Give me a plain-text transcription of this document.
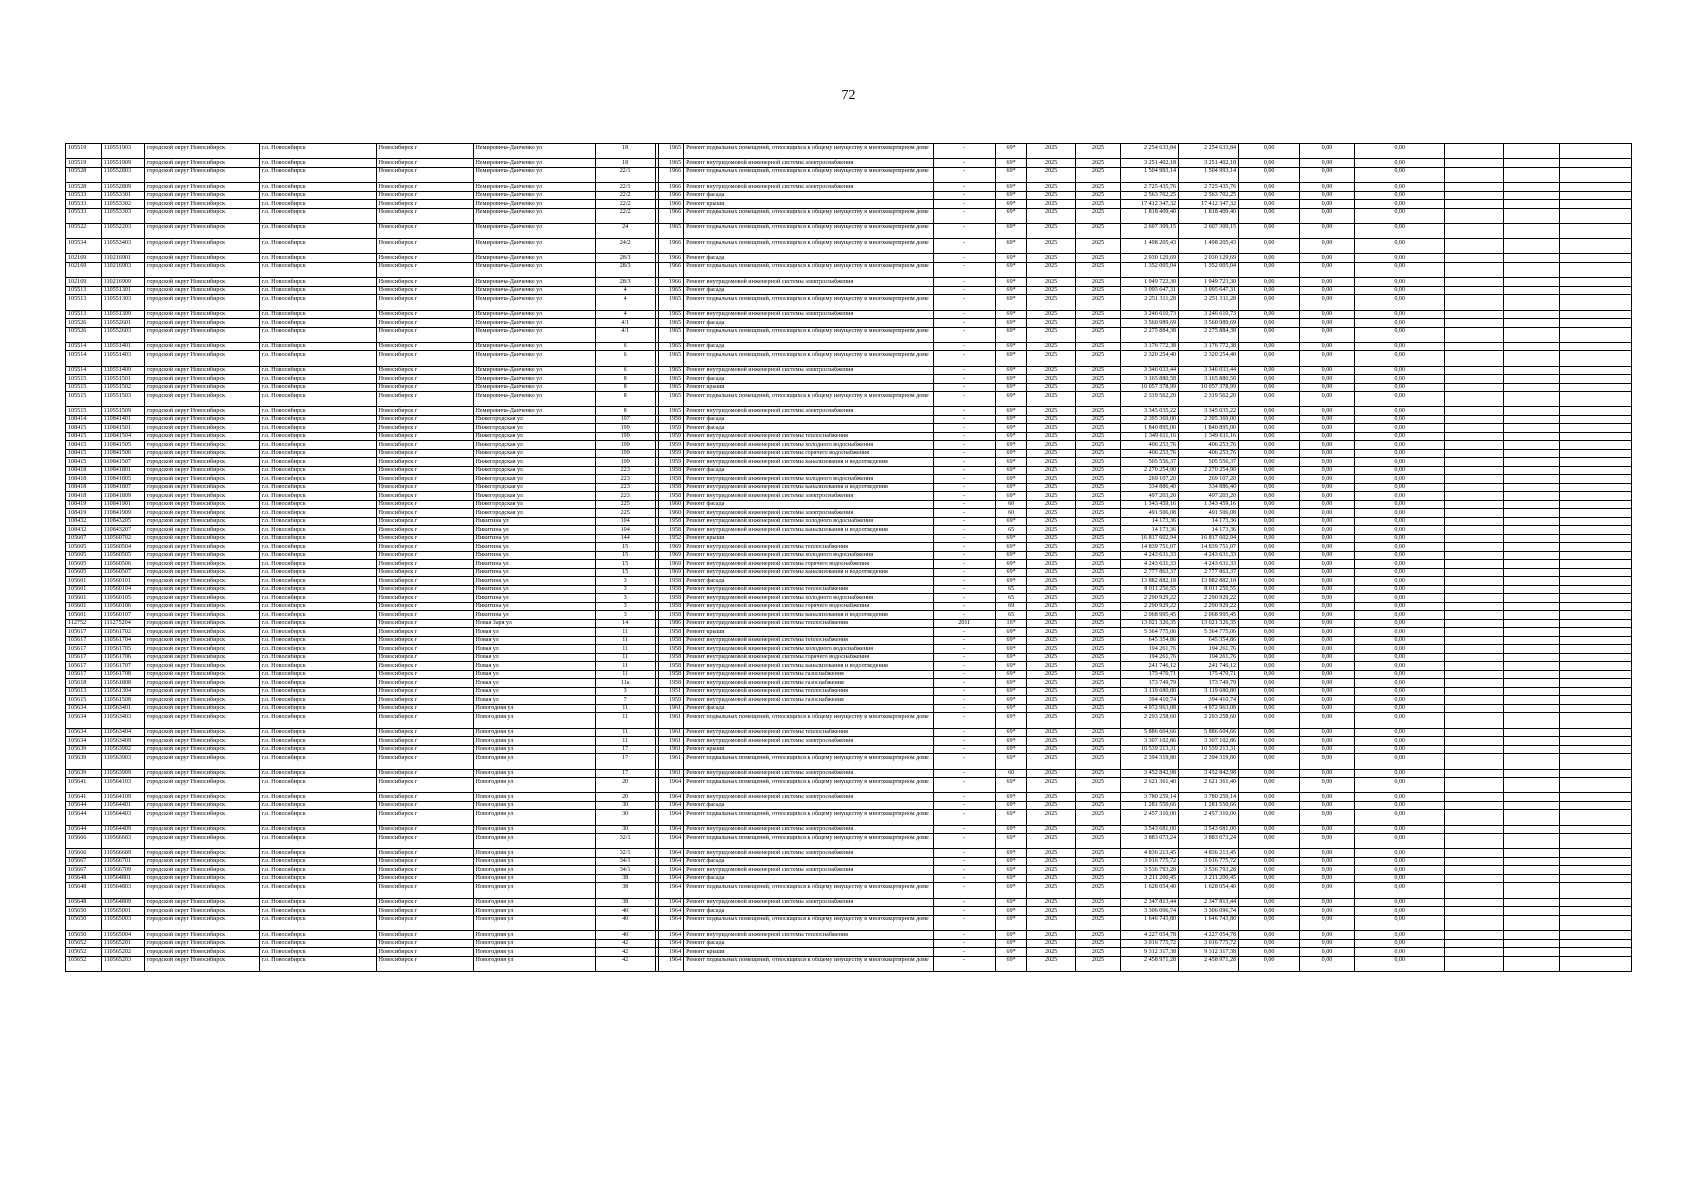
72
105519	110551903	городской округ Новосибирск	г.о. Новосибирск	Новосибирск г	Немировича-Данченко ул	18		1965	Ремонт подвальных помещений, относящихся к общему имуществу в многоквартирном доме	-	69*	2025	2025	2 254 633,84	2 254 633,84	0,00	0,00	0,00			
105519	110551909	городской округ Новосибирск	г.о. Новосибирск	Новосибирск г	Немировича-Данченко ул	18		1965	Ремонт внутридомовой инженерной системы электроснабжения	-	69*	2025	2025	3 251 402,18	3 251 402,18	0,00	0,00	0,00			
105528	110552803	городской округ Новосибирск	г.о. Новосибирск	Новосибирск г	Немировича-Данченко ул	22/1		1966	Ремонт подвальных помещений, относящихся к общему имуществу в многоквартирном доме	-	69*	2025	2025	1 504 993,14	1 504 993,14	0,00	0,00	0,00			
105528	110552809	городской округ Новосибирск	г.о. Новосибирск	Новосибирск г	Немировича-Данченко ул	22/1		1966	Ремонт внутридомовой инженерной системы электроснабжения	-	69*	2025	2025	2 725 435,76	2 725 435,76	0,00	0,00	0,00			
105533	110553301	городской округ Новосибирск	г.о. Новосибирск	Новосибирск г	Немировича-Данченко ул	22/2		1966	Ремонт фасада	-	69*	2025	2025	2 563 702,25	2 563 702,25	0,00	0,00	0,00			
105533	110553302	городской округ Новосибирск	г.о. Новосибирск	Новосибирск г	Немировича-Данченко ул	22/2		1966	Ремонт крыши	-	69*	2025	2025	17 412 347,32	17 412 347,32	0,00	0,00	0,00			
105533	110553303	городской округ Новосибирск	г.о. Новосибирск	Новосибирск г	Немировича-Данченко ул	22/2		1966	Ремонт подвальных помещений, относящихся к общему имуществу в многоквартирном доме	-	69*	2025	2025	1 818 409,40	1 818 409,40	0,00	0,00	0,00			
105522	110552203	городской округ Новосибирск	г.о. Новосибирск	Новосибирск г	Немировича-Данченко ул	24		1965	Ремонт подвальных помещений, относящихся к общему имуществу в многоквартирном доме	-	69*	2025	2025	2 607 309,15	2 607 309,15	0,00	0,00	0,00			
105534	110553403	городской округ Новосибирск	г.о. Новосибирск	Новосибирск г	Немировича-Данченко ул	24/2		1966	Ремонт подвальных помещений, относящихся к общему имуществу в многоквартирном доме	-	69*	2025	2025	1 498 205,43	1 498 205,43	0,00	0,00	0,00			
102169	110216901	городской округ Новосибирск	г.о. Новосибирск	Новосибирск г	Немировича-Данченко ул	28/3		1966	Ремонт фасада	-	69*	2025	2025	2 030 129,69	2 030 129,69	0,00	0,00	0,00			
102169	110216903	городской округ Новосибирск	г.о. Новосибирск	Новосибирск г	Немировича-Данченко ул	28/3		1966	Ремонт подвальных помещений, относящихся к общему имуществу в многоквартирном доме	-	69*	2025	2025	1 352 005,04	1 352 005,04	0,00	0,00	0,00			
102169	110216909	городской округ Новосибирск	г.о. Новосибирск	Новосибирск г	Немировича-Данченко ул	28/3		1966	Ремонт внутридомовой инженерной системы электроснабжения	-	69*	2025	2025	1 949 723,30	1 949 723,30	0,00	0,00	0,00			
105513	110551301	городской округ Новосибирск	г.о. Новосибирск	Новосибирск г	Немировича-Данченко ул	4		1965	Ремонт фасада	-	69*	2025	2025	3 095 647,31	3 095 647,31	0,00	0,00	0,00			
105513	110551303	городской округ Новосибирск	г.о. Новосибирск	Новосибирск г	Немировича-Данченко ул	4		1965	Ремонт подвальных помещений, относящихся к общему имуществу в многоквартирном доме	-	69*	2025	2025	2 251 311,28	2 251 311,28	0,00	0,00	0,00			
105513	110551309	городской округ Новосибирск	г.о. Новосибирск	Новосибирск г	Немировича-Данченко ул	4		1965	Ремонт внутридомовой инженерной системы электроснабжения	-	69*	2025	2025	3 246 610,73	3 246 610,73	0,00	0,00	0,00			
105526	110552601	городской округ Новосибирск	г.о. Новосибирск	Новосибирск г	Немировича-Данченко ул	4/1		1965	Ремонт фасада	-	69*	2025	2025	3 560 989,69	3 560 989,69	0,00	0,00	0,00			
105526	110552603	городской округ Новосибирск	г.о. Новосибирск	Новосибирск г	Немировича-Данченко ул	4/1		1965	Ремонт подвальных помещений, относящихся к общему имуществу в многоквартирном доме	-	69*	2025	2025	2 275 884,38	2 275 884,38	0,00	0,00	0,00			
105514	110551401	городской округ Новосибирск	г.о. Новосибирск	Новосибирск г	Немировича-Данченко ул	6		1965	Ремонт фасада	-	69*	2025	2025	3 176 772,38	3 176 772,38	0,00	0,00	0,00			
105514	110551403	городской округ Новосибирск	г.о. Новосибирск	Новосибирск г	Немировича-Данченко ул	6		1965	Ремонт подвальных помещений, относящихся к общему имуществу в многоквартирном доме	-	69*	2025	2025	2 320 254,40	2 320 254,40	0,00	0,00	0,00			
105514	110551409	городской округ Новосибирск	г.о. Новосибирск	Новосибирск г	Немировича-Данченко ул	6		1965	Ремонт внутридомовой инженерной системы электроснабжения	-	69*	2025	2025	3 346 033,44	3 346 033,44	0,00	0,00	0,00			
105515	110551501	городской округ Новосибирск	г.о. Новосибирск	Новосибирск г	Немировича-Данченко ул	8		1965	Ремонт фасада	-	69*	2025	2025	3 165 880,58	3 165 880,58	0,00	0,00	0,00			
105515	110551502	городской округ Новосибирск	г.о. Новосибирск	Новосибирск г	Немировича-Данченко ул	8		1965	Ремонт крыши	-	69*	2025	2025	10 057 378,99	10 057 378,99	0,00	0,00	0,00			
105515	110551503	городской округ Новосибирск	г.о. Новосибирск	Новосибирск г	Немировича-Данченко ул	8		1965	Ремонт подвальных помещений, относящихся к общему имуществу в многоквартирном доме	-	69*	2025	2025	2 319 562,20	2 319 562,20	0,00	0,00	0,00			
105515	110551509	городской округ Новосибирск	г.о. Новосибирск	Новосибирск г	Немировича-Данченко ул	8		1965	Ремонт внутридомовой инженерной системы электроснабжения	-	69*	2025	2025	3 345 035,22	3 345 035,22	0,00	0,00	0,00			
108414	110841401	городской округ Новосибирск	г.о. Новосибирск	Новосибирск г	Нижегородская ул	197		1958	Ремонт фасада	-	69*	2025	2025	2 395 369,00	2 395 369,00	0,00	0,00	0,00			
108415	110841501	городской округ Новосибирск	г.о. Новосибирск	Новосибирск г	Нижегородская ул	199		1959	Ремонт фасада	-	69*	2025	2025	1 840 895,00	1 840 895,00	0,00	0,00	0,00			
108415	110841504	городской округ Новосибирск	г.о. Новосибирск	Новосибирск г	Нижегородская ул	199		1959	Ремонт внутридомовой инженерной системы теплоснабжения	-	69*	2025	2025	1 349 611,16	1 349 611,16	0,00	0,00	0,00			
108415	110841505	городской округ Новосибирск	г.о. Новосибирск	Новосибирск г	Нижегородская ул	199		1959	Ремонт внутридомовой инженерной системы холодного водоснабжения	-	69*	2025	2025	406 253,76	406 253,76	0,00	0,00	0,00			
108415	110841506	городской округ Новосибирск	г.о. Новосибирск	Новосибирск г	Нижегородская ул	199		1959	Ремонт внутридомовой инженерной системы горячего водоснабжения	-	69*	2025	2025	406 253,76	406 253,76	0,00	0,00	0,00			
108415	110841507	городской округ Новосибирск	г.о. Новосибирск	Новосибирск г	Нижегородская ул	199		1959	Ремонт внутридомовой инженерной системы канализования и водоотведения	-	69*	2025	2025	505 556,37	505 556,37	0,00	0,00	0,00			
108418	110841801	городской округ Новосибирск	г.о. Новосибирск	Новосибирск г	Нижегородская ул	223		1958	Ремонт фасада	-	69*	2025	2025	2 270 254,90	2 270 254,90	0,00	0,00	0,00			
108418	110841805	городской округ Новосибирск	г.о. Новосибирск	Новосибирск г	Нижегородская ул	223		1958	Ремонт внутридомовой инженерной системы холодного водоснабжения	-	69*	2025	2025	269 107,20	269 107,20	0,00	0,00	0,00			
108418	110841807	городской округ Новосибирск	г.о. Новосибирск	Новосибирск г	Нижегородская ул	223		1958	Ремонт внутридомовой инженерной системы канализования и водоотведения	-	69*	2025	2025	334 886,40	334 886,40	0,00	0,00	0,00			
108418	110841809	городской округ Новосибирск	г.о. Новосибирск	Новосибирск г	Нижегородская ул	223		1958	Ремонт внутридомовой инженерной системы электроснабжения	-	69*	2025	2025	497 203,20	497 203,20	0,00	0,00	0,00			
108419	110841901	городской округ Новосибирск	г.о. Новосибирск	Новосибирск г	Нижегородская ул	225		1960	Ремонт фасада	-	60	2025	2025	1 343 459,16	1 343 459,16	0,00	0,00	0,00			
108419	110841909	городской округ Новосибирск	г.о. Новосибирск	Новосибирск г	Нижегородская ул	225		1960	Ремонт внутридомовой инженерной системы электроснабжения	-	60	2025	2025	491 506,08	491 506,08	0,00	0,00	0,00			
108432	110843205	городской округ Новосибирск	г.о. Новосибирск	Новосибирск г	Никитина ул	104		1958	Ремонт внутридомовой инженерной системы холодного водоснабжения	-	69*	2025	2025	14 173,36	14 173,36	0,00	0,00	0,00			
108432	110843207	городской округ Новосибирск	г.о. Новосибирск	Новосибирск г	Никитина ул	104		1958	Ремонт внутридомовой инженерной системы канализования и водоотведения	-	65	2025	2025	14 173,36	14 173,36	0,00	0,00	0,00			
105607	110560702	городской округ Новосибирск	г.о. Новосибирск	Новосибирск г	Никитина ул	144		1952	Ремонт крыши	-	69*	2025	2025	16 817 602,94	16 817 602,94	0,00	0,00	0,00			
105605	110560504	городской округ Новосибирск	г.о. Новосибирск	Новосибирск г	Никитина ул	15		1969	Ремонт внутридомовой инженерной системы теплоснабжения	-	69*	2025	2025	14 839 751,07	14 839 751,07	0,00	0,00	0,00			
105605	110560505	городской округ Новосибирск	г.о. Новосибирск	Новосибирск г	Никитина ул	15		1969	Ремонт внутридомовой инженерной системы холодного водоснабжения	-	69*	2025	2025	4 243 631,33	4 243 631,33	0,00	0,00	0,00			
105605	110560506	городской округ Новосибирск	г.о. Новосибирск	Новосибирск г	Никитина ул	15		1969	Ремонт внутридомовой инженерной системы горячего водоснабжения	-	69*	2025	2025	4 243 631,33	4 243 631,33	0,00	0,00	0,00			
105605	110560507	городской округ Новосибирск	г.о. Новосибирск	Новосибирск г	Никитина ул	15		1969	Ремонт внутридомовой инженерной системы канализования и водоотведения	-	69*	2025	2025	2 777 863,37	2 777 863,37	0,00	0,00	0,00			
105601	110560101	городской округ Новосибирск	г.о. Новосибирск	Новосибирск г	Никитина ул	3		1958	Ремонт фасада	-	69*	2025	2025	13 882 882,18	13 882 882,18	0,00	0,00	0,00			
105601	110560104	городской округ Новосибирск	г.о. Новосибирск	Новосибирск г	Никитина ул	3		1958	Ремонт внутридомовой инженерной системы теплоснабжения	-	65	2025	2025	8 011 256,55	8 011 256,55	0,00	0,00	0,00			
105601	110560105	городской округ Новосибирск	г.о. Новосибирск	Новосибирск г	Никитина ул	3		1958	Ремонт внутридомовой инженерной системы холодного водоснабжения	-	65	2025	2025	2 290 929,22	2 290 929,22	0,00	0,00	0,00			
105601	110560106	городской округ Новосибирск	г.о. Новосибирск	Новосибирск г	Никитина ул	3		1958	Ремонт внутридомовой инженерной системы горячего водоснабжения	-	69	2025	2025	2 290 929,22	2 290 929,22	0,00	0,00	0,00			
105601	110560107	городской округ Новосибирск	г.о. Новосибирск	Новосибирск г	Никитина ул	3		1958	Ремонт внутридомовой инженерной системы канализования и водоотведения	-	65	2025	2025	2 068 995,45	2 068 995,45	0,00	0,00	0,00			
112752	111275204	городской округ Новосибирск	г.о. Новосибирск	Новосибирск г	Новая Заря ул	14		1986	Ремонт внутридомовой инженерной системы теплоснабжения	2011	16*	2025	2025	13 021 326,35	13 021 326,35	0,00	0,00	0,00			
105617	110561702	городской округ Новосибирск	г.о. Новосибирск	Новосибирск г	Новая ул	11		1958	Ремонт крыши	-	69*	2025	2025	5 364 775,06	5 364 775,06	0,00	0,00	0,00			
105617	110561704	городской округ Новосибирск	г.о. Новосибирск	Новосибирск г	Новая ул	11		1958	Ремонт внутридомовой инженерной системы теплоснабжения	-	69*	2025	2025	645 354,86	645 354,86	0,00	0,00	0,00			
105617	110561705	городской округ Новосибирск	г.о. Новосибирск	Новосибирск г	Новая ул	11		1958	Ремонт внутридомовой инженерной системы холодного водоснабжения	-	69*	2025	2025	194 261,76	194 261,76	0,00	0,00	0,00			
105617	110561706	городской округ Новосибирск	г.о. Новосибирск	Новосибирск г	Новая ул	11		1958	Ремонт внутридомовой инженерной системы горячего водоснабжения	-	69*	2025	2025	194 261,76	194 261,76	0,00	0,00	0,00			
105617	110561707	городской округ Новосибирск	г.о. Новосибирск	Новосибирск г	Новая ул	11		1958	Ремонт внутридомовой инженерной системы канализования и водоотведения	-	69*	2025	2025	241 746,12	241 746,12	0,00	0,00	0,00			
105617	110561708	городской округ Новосибирск	г.о. Новосибирск	Новосибирск г	Новая ул	11		1958	Ремонт внутридомовой инженерной системы газоснабжения	-	69*	2025	2025	175 470,71	175 470,71	0,00	0,00	0,00			
105618	110561808	городской округ Новосибирск	г.о. Новосибирск	Новосибирск г	Новая ул	11а		1958	Ремонт внутридомовой инженерной системы газоснабжения	-	69*	2025	2025	173 749,79	173 749,79	0,00	0,00	0,00			
105613	110561304	городской округ Новосибирск	г.о. Новосибирск	Новосибирск г	Новая ул	3		1951	Ремонт внутридомовой инженерной системы теплоснабжения	-	69*	2025	2025	3 119 680,80	3 119 680,80	0,00	0,00	0,00			
105615	110561508	городской округ Новосибирск	г.о. Новосибирск	Новосибирск г	Новая ул	7		1959	Ремонт внутридомовой инженерной системы газоснабжения	-	69*	2025	2025	394 410,74	394 410,74	0,00	0,00	0,00			
105634	110563401	городской округ Новосибирск	г.о. Новосибирск	Новосибирск г	Новогодняя ул	11		1961	Ремонт фасада	-	69*	2025	2025	4 972 963,08	4 972 963,08	0,00	0,00	0,00			
105634	110563403	городской округ Новосибирск	г.о. Новосибирск	Новосибирск г	Новогодняя ул	11		1961	Ремонт подвальных помещений, относящихся к общему имуществу в многоквартирном доме	-	69*	2025	2025	2 293 258,60	2 293 258,60	0,00	0,00	0,00			
105634	110563404	городской округ Новосибирск	г.о. Новосибирск	Новосибирск г	Новогодняя ул	11		1961	Ремонт внутридомовой инженерной системы теплоснабжения	-	69*	2025	2025	5 886 604,66	5 886 604,66	0,00	0,00	0,00			
105634	110563409	городской округ Новосибирск	г.о. Новосибирск	Новосибирск г	Новогодняя ул	11		1961	Ремонт внутридомовой инженерной системы электроснабжения	-	69*	2025	2025	3 307 102,86	3 307 102,86	0,00	0,00	0,00			
105639	110563902	городской округ Новосибирск	г.о. Новосибирск	Новосибирск г	Новогодняя ул	17		1961	Ремонт крыши	-	69*	2025	2025	10 539 213,31	10 539 213,31	0,00	0,00	0,00			
105639	110563903	городской округ Новосибирск	г.о. Новосибирск	Новосибирск г	Новогодняя ул	17		1961	Ремонт подвальных помещений, относящихся к общему имуществу в многоквартирном доме	-	69*	2025	2025	2 394 319,80	2 394 319,80	0,00	0,00	0,00			
105639	110563909	городской округ Новосибирск	г.о. Новосибирск	Новосибирск г	Новогодняя ул	17		1961	Ремонт внутридомовой инженерной системы электроснабжения	-	60	2025	2025	3 452 842,98	3 452 842,98	0,00	0,00	0,00			
105641	110564103	городской округ Новосибирск	г.о. Новосибирск	Новосибирск г	Новогодняя ул	20		1964	Ремонт подвальных помещений, относящихся к общему имуществу в многоквартирном доме	-	69*	2025	2025	2 621 361,40	2 621 361,40	0,00	0,00	0,00			
105641	110564109	городской округ Новосибирск	г.о. Новосибирск	Новосибирск г	Новогодняя ул	20		1964	Ремонт внутридомовой инженерной системы электроснабжения	-	69*	2025	2025	3 780 259,14	3 780 259,14	0,00	0,00	0,00			
105644	110564401	городской округ Новосибирск	г.о. Новосибирск	Новосибирск г	Новогодняя ул	30		1964	Ремонт фасада	-	69*	2025	2025	1 281 550,66	1 281 550,66	0,00	0,00	0,00			
105644	110564403	городской округ Новосибирск	г.о. Новосибирск	Новосибирск г	Новогодняя ул	30		1964	Ремонт подвальных помещений, относящихся к общему имуществу в многоквартирном доме	-	69*	2025	2025	2 457 310,00	2 457 310,00	0,00	0,00	0,00			
105644	110564409	городской округ Новосибирск	г.о. Новосибирск	Новосибирск г	Новогодняя ул	30		1964	Ремонт внутридомовой инженерной системы электроснабжения	-	69*	2025	2025	3 543 681,00	3 543 681,00	0,00	0,00	0,00			
105666	110566603	городской округ Новосибирск	г.о. Новосибирск	Новосибирск г	Новогодняя ул	32/1		1964	Ремонт подвальных помещений, относящихся к общему имуществу в многоквартирном доме	-	69*	2025	2025	3 883 073,24	3 883 073,24	0,00	0,00	0,00			
105666	110566609	городской округ Новосибирск	г.о. Новосибирск	Новосибирск г	Новогодняя ул	32/1		1964	Ремонт внутридомовой инженерной системы электроснабжения	-	69*	2025	2025	4 836 213,45	4 836 213,45	0,00	0,00	0,00			
105667	110566701	городской округ Новосибирск	г.о. Новосибирск	Новосибирск г	Новогодняя ул	34/1		1964	Ремонт фасада	-	69*	2025	2025	3 016 775,72	3 016 775,72	0,00	0,00	0,00			
105667	110566709	городской округ Новосибирск	г.о. Новосибирск	Новосибирск г	Новогодняя ул	34/1		1964	Ремонт внутридомовой инженерной системы электроснабжения	-	69*	2025	2025	3 536 793,28	3 536 793,28	0,00	0,00	0,00			
105648	110564801	городской округ Новосибирск	г.о. Новосибирск	Новосибирск г	Новогодняя ул	38		1964	Ремонт фасада	-	69*	2025	2025	3 211 200,45	3 211 200,45	0,00	0,00	0,00			
105648	110564803	городской округ Новосибирск	г.о. Новосибирск	Новосибирск г	Новогодняя ул	38		1964	Ремонт подвальных помещений, относящихся к общему имуществу в многоквартирном доме	-	69*	2025	2025	1 628 054,40	1 628 054,40	0,00	0,00	0,00			
105648	110564809	городской округ Новосибирск	г.о. Новосибирск	Новосибирск г	Новогодняя ул	38		1964	Ремонт внутридомовой инженерной системы электроснабжения	-	69*	2025	2025	2 347 813,44	2 347 813,44	0,00	0,00	0,00			
105650	110565001	городской округ Новосибирск	г.о. Новосибирск	Новосибирск г	Новогодняя ул	40		1964	Ремонт фасада	-	69*	2025	2025	3 306 096,74	3 306 096,74	0,00	0,00	0,00			
105650	110565003	городской округ Новосибирск	г.о. Новосибирск	Новосибирск г	Новогодняя ул	40		1964	Ремонт подвальных помещений, относящихся к общему имуществу в многоквартирном доме	-	69*	2025	2025	1 646 743,80	1 646 743,80	0,00	0,00	0,00			
105650	110565004	городской округ Новосибирск	г.о. Новосибирск	Новосибирск г	Новогодняя ул	40		1964	Ремонт внутридомовой инженерной системы теплоснабжения	-	69*	2025	2025	4 227 054,78	4 227 054,78	0,00	0,00	0,00			
105652	110565201	городской округ Новосибирск	г.о. Новосибирск	Новосибирск г	Новогодняя ул	42		1964	Ремонт фасада	-	69*	2025	2025	3 016 775,72	3 016 775,72	0,00	0,00	0,00			
105652	110565202	городской округ Новосибирск	г.о. Новосибирск	Новосибирск г	Новогодняя ул	42		1964	Ремонт крыши	-	69*	2025	2025	9 312 317,38	9 312 317,38	0,00	0,00	0,00			
105652	110565203	городской округ Новосибирск	г.о. Новосибирск	Новосибирск г	Новогодняя ул	42		1964	Ремонт подвальных помещений, относящихся к общему имуществу в многоквартирном доме	-	69*	2025	2025	2 458 971,28	2 458 971,28	0,00	0,00	0,00			
